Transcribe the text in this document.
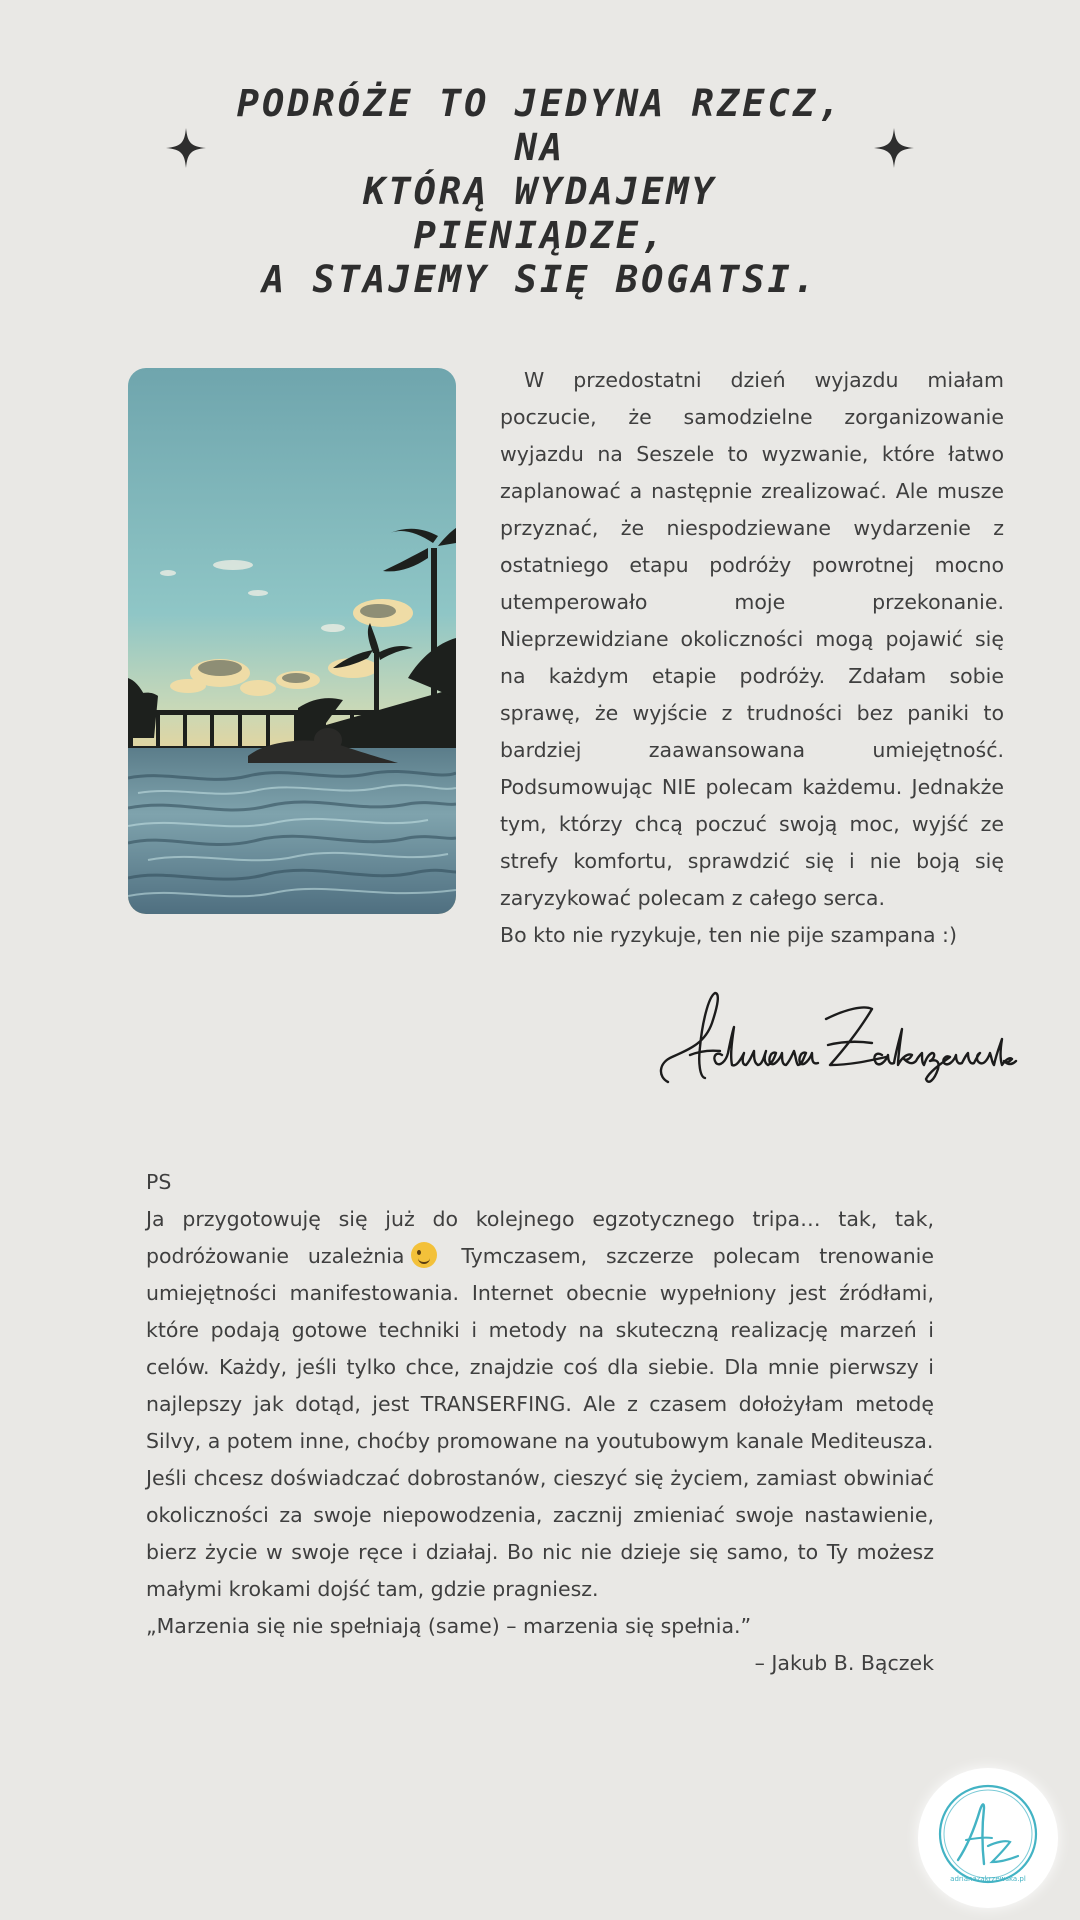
PODRÓŻE TO JEDYNA RZECZ, NA
KTÓRĄ WYDAJEMY PIENIĄDZE,
A STAJEMY SIĘ BOGATSI.

W przedostatni dzień wyjazdu miałam poczucie, że samodzielne zorganizowanie wyjazdu na Seszele to wyzwanie, które łatwo zaplanować a następnie zrealizować. Ale musze przyznać, że niespodziewane wydarzenie z ostatniego etapu podróży powrotnej mocno utemperowało moje przekonanie. Nieprzewidziane okoliczności mogą pojawić się na każdym etapie podróży. Zdałam sobie sprawę, że wyjście z trudności bez paniki to bardziej zaawansowana umiejętność. Podsumowując NIE polecam każdemu. Jednakże tym, którzy chcą poczuć swoją moc, wyjść ze strefy komfortu, sprawdzić się i nie boją się zaryzykować polecam z całego serca.

Bo kto nie ryzykuje, ten nie pije szampana :)

PS

Ja przygotowuję się już do kolejnego egzotycznego tripa… tak, tak, podróżowanie uzależnia	Tymczasem, szczerze polecam trenowanie umiejętności manifestowania. Internet obecnie wypełniony jest źródłami, które podają gotowe techniki i metody na skuteczną realizację marzeń i celów. Każdy, jeśli tylko chce, znajdzie coś dla siebie. Dla mnie pierwszy i najlepszy jak dotąd, jest TRANSERFING. Ale z czasem dołożyłam metodę Silvy, a potem inne, choćby promowane na youtubowym kanale Mediteusza.

Jeśli chcesz doświadczać dobrostanów, cieszyć się życiem, zamiast obwiniać okoliczności za swoje niepowodzenia, zacznij zmieniać swoje nastawienie, bierz życie w swoje ręce i działaj. Bo nic nie dzieje się samo, to Ty możesz małymi krokami dojść tam, gdzie pragniesz.

„Marzenia się nie spełniają (same) – marzenia się spełnia.”

– Jakub B. Bączek

adrianazakrzewska.pl
